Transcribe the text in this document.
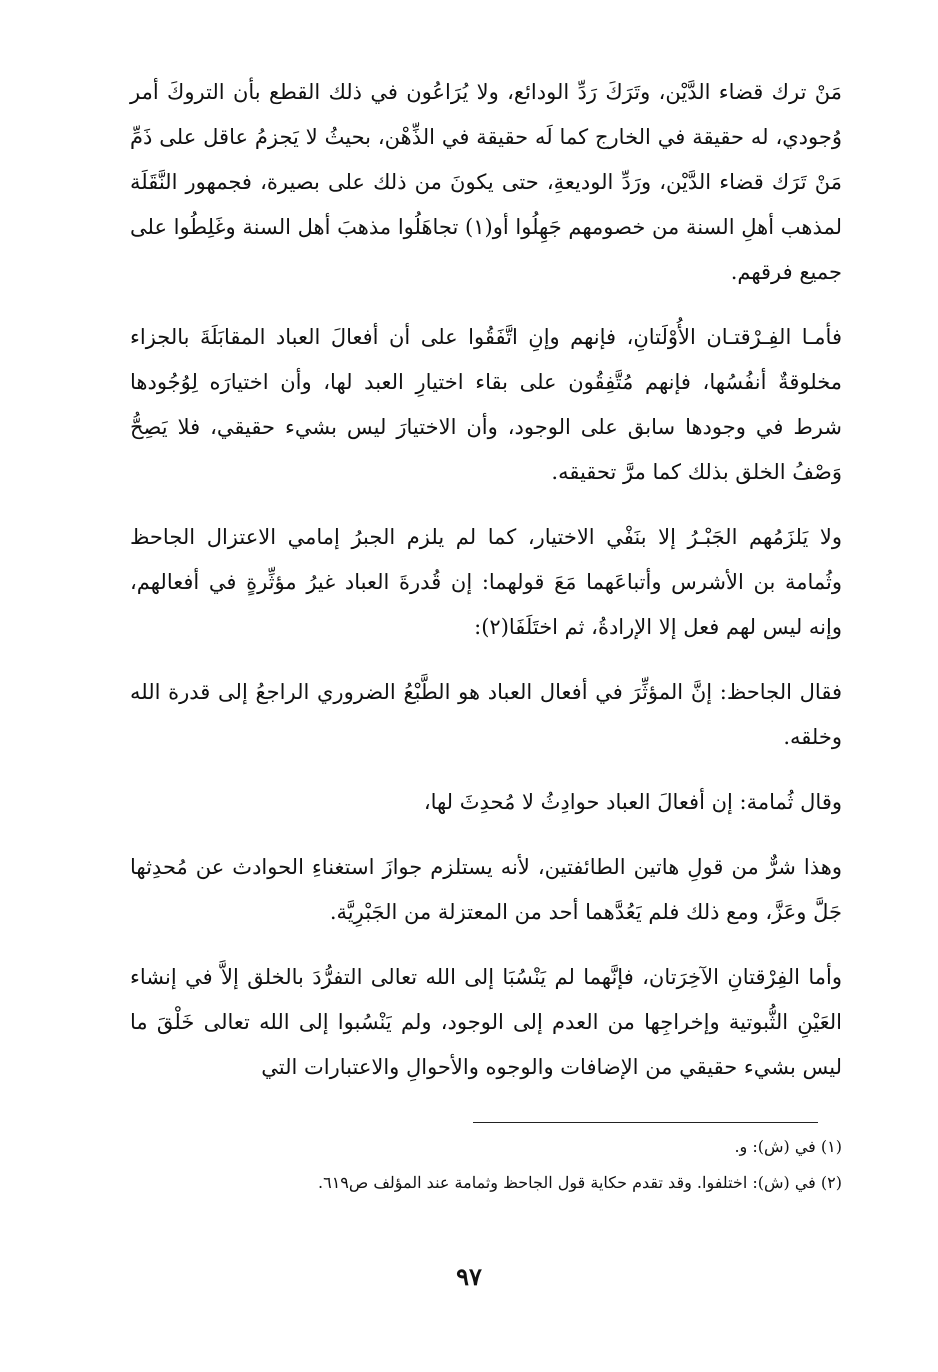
مَنْ ترك قضاء الدَّيْن، وتَرَكَ رَدِّ الودائع، ولا يُرَاعُون في ذلك القطع بأن التروكَ أمر وُجودي، له حقيقة في الخارج كما لَه حقيقة في الذِّهْن، بحيثُ لا يَجزمُ عاقل على ذَمِّ مَنْ تَرَك قضاء الدَّيْن، ورَدِّ الوديعةِ، حتى يكونَ من ذلك على بصيرة، فجمهور النَّقَلَة لمذهب أهلِ السنة من خصومهم جَهِلُوا أو(١) تجاهَلُوا مذهبَ أهل السنة وغَلِطُوا على جميع فرقهم.

فأمـا الفِـرْقتـان الأُوْلَتانِ، فإنهم وإنِ اتَّفَقُوا على أن أفعالَ العباد المقابَلَةَ بالجزاء مخلوقةٌ أنفُسُها، فإنهم مُتَّفِقُون على بقاء اختيارِ العبد لها، وأن اختيارَه لِوُجُودها شرط في وجودها سابق على الوجود، وأن الاختيارَ ليس بشيء حقيقي، فلا يَصِحُّ وَصْفُ الخلق بذلك كما مرَّ تحقيقه.

ولا يَلزَمُهم الجَبْـرُ إلا بنَفْي الاختيار، كما لم يلزم الجبرُ إمامي الاعتزال الجاحظ وثُمامة بن الأشرس وأتباعَهما مَعَ قولهما: إن قُدرةَ العباد غيرُ مؤثِّرةٍ في أفعالهم، وإنه ليس لهم فعل إلا الإرادةُ، ثم اختَلَفَا(٢):

فقال الجاحظ: إنَّ المؤثِّرَ في أفعال العباد هو الطَّبْعُ الضروري الراجعُ إلى قدرة الله وخلقه.

وقال ثُمامة: إن أفعالَ العباد حوادِثُ لا مُحدِثَ لها،

وهذا شرٌّ من قولِ هاتين الطائفتين، لأنه يستلزم جوازَ استغناءِ الحوادث عن مُحدِثها جَلَّ وعَزَّ، ومع ذلك فلم يَعُدَّهما أحد من المعتزلة من الجَبْرِيَّة.

وأما الفِرْقتانِ الآخِرَتان، فإنَّهما لم يَنْسُبَا إلى الله تعالى التفرُّدَ بالخلق إلاَّ في إنشاء العَيْنِ الثُّبوتية وإخراجِها من العدم إلى الوجود، ولم يَنْسُبوا إلى الله تعالى خَلْقَ ما ليس بشيء حقيقي من الإضافات والوجوه والأحوالِ والاعتبارات التي

(١) في (ش): و.

(٢) في (ش): اختلفوا. وقد تقدم حكاية قول الجاحظ وثمامة عند المؤلف ص٦١٩.

٩٧
